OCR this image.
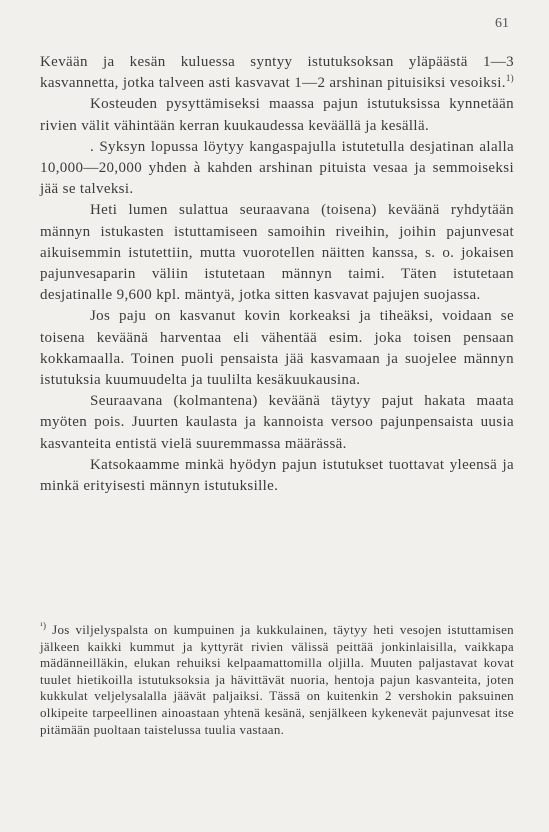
61

Kevään ja kesän kuluessa syntyy istutuksoksan yläpäästä 1—3 kasvannetta, jotka talveen asti kasvavat 1—2 arshinan pituisiksi vesoiksi.$^{1)}$

Kosteuden pysyttämiseksi maassa pajun istutuksissa kynnetään rivien välit vähintään kerran kuukaudessa keväällä ja kesällä.

. Syksyn lopussa löytyy kangaspajulla istutetulla desjatinan alalla 10,000—20,000 yhden à kahden arshinan pituista vesaa ja semmoiseksi jää se talveksi.

Heti lumen sulattua seuraavana (toisena) keväänä ryhdytään männyn istukasten istuttamiseen samoihin riveihin, joihin pajunvesat aikuisemmin istutettiin, mutta vuorotellen näitten kanssa, s. o. jokaisen pajunvesaparin väliin istutetaan männyn taimi. Täten istutetaan desjatinalle 9,600 kpl. mäntyä, jotka sitten kasvavat pajujen suojassa.

Jos paju on kasvanut kovin korkeaksi ja tiheäksi, voidaan se toisena keväänä harventaa eli vähentää esim. joka toisen pensaan kokkamaalla. Toinen puoli pensaista jää kasvamaan ja suojelee männyn istutuksia kuumuudelta ja tuulilta kesäkuukausina.

Seuraavana (kolmantena) keväänä täytyy pajut hakata maata myöten pois. Juurten kaulasta ja kannoista versoo pajunpensaista uusia kasvanteita entistä vielä suuremmassa määrässä.

Katsokaamme minkä hyödyn pajun istutukset tuottavat yleensä ja minkä erityisesti männyn istutuksille.

$^{^1)}$ Jos viljelyspalsta on kumpuinen ja kukkulainen, täytyy heti vesojen istuttamisen jälkeen kaikki kummut ja kyttyrät rivien välissä peittää jonkinlaisilla, vaikkapa mädänneilläkin, elukan rehuiksi kelpaamattomilla oljilla. Muuten paljastavat kovat tuulet hietikoilla istutuksoksia ja hävittävät nuoria, hentoja pajun kasvanteita, joten kukkulat veljelysalalla jäävät paljaiksi. Tässä on kuitenkin 2 vershokin paksuinen olkipeite tarpeellinen ainoastaan yhtenä kesänä, senjälkeen kykenevät pajunvesat itse pitämään puoltaan taistelussa tuulia vastaan.
